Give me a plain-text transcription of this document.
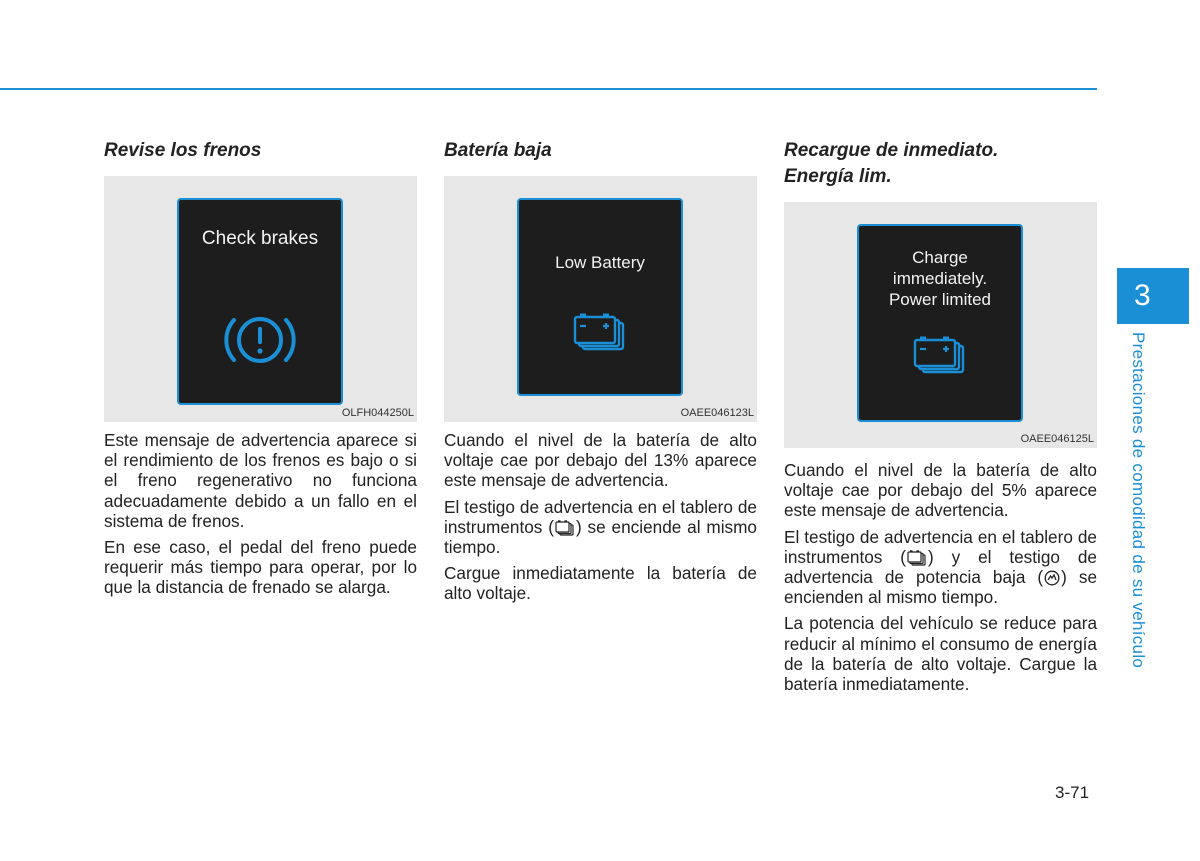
Revise los frenos
Check brakes
OLFH044250L

Este mensaje de advertencia aparece si el rendimiento de los frenos es bajo o si el freno regenerativo no funciona adecuadamente debido a un fallo en el sistema de frenos.

En ese caso, el pedal del freno puede requerir más tiempo para operar, por lo que la distancia de frenado se alarga.

Batería baja
Low Battery
OAEE046123L

Cuando el nivel de la batería de alto voltaje cae por debajo del 13% aparece este mensaje de advertencia.

El testigo de advertencia en el tablero de instrumentos ( ) se enciende al mismo tiempo.

Cargue inmediatamente la batería de alto voltaje.

Recargue de inmediato.
Energía lim.
Charge
immediately.
Power limited
OAEE046125L

Cuando el nivel de la batería de alto voltaje cae por debajo del 5% aparece este mensaje de advertencia.

El testigo de advertencia en el tablero de instrumentos ( ) y el testigo de advertencia de potencia baja ( ) se encienden al mismo tiempo.

La potencia del vehículo se reduce para reducir al mínimo el consumo de energía de la batería de alto voltaje. Cargue la batería inmediatamente.

3
Prestaciones de comodidad de su vehículo
3-71
